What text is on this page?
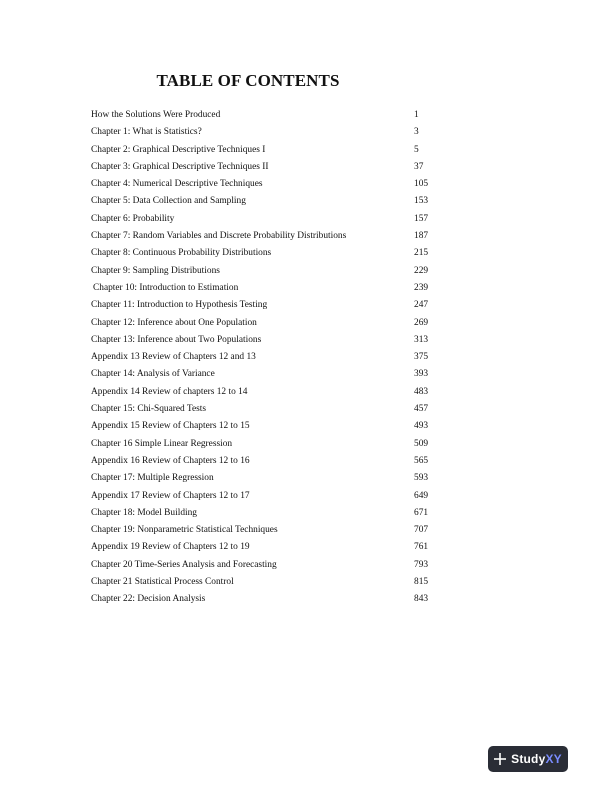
TABLE OF CONTENTS
How the Solutions Were Produced	1
Chapter 1: What is Statistics?	3
Chapter 2: Graphical Descriptive Techniques I	5
Chapter 3: Graphical Descriptive Techniques II	37
Chapter 4: Numerical Descriptive Techniques	105
Chapter 5: Data Collection and Sampling	153
Chapter 6: Probability	157
Chapter 7: Random Variables and Discrete Probability Distributions	187
Chapter 8: Continuous Probability Distributions	215
Chapter 9: Sampling Distributions	229
Chapter 10: Introduction to Estimation	239
Chapter 11: Introduction to Hypothesis Testing	247
Chapter 12: Inference about One Population	269
Chapter 13: Inference about Two Populations	313
Appendix 13 Review of Chapters 12 and 13	375
Chapter 14: Analysis of Variance	393
Appendix 14 Review of chapters 12 to 14	483
Chapter 15: Chi-Squared Tests	457
Appendix 15 Review of Chapters 12 to 15	493
Chapter 16 Simple Linear Regression	509
Appendix 16 Review of Chapters 12 to 16	565
Chapter 17: Multiple Regression	593
Appendix 17 Review of Chapters 12 to 17	649
Chapter 18: Model Building	671
Chapter 19: Nonparametric Statistical Techniques	707
Appendix 19 Review of Chapters 12 to 19	761
Chapter 20 Time-Series Analysis and Forecasting	793
Chapter 21 Statistical Process Control	815
Chapter 22: Decision Analysis	843
StudyXY
